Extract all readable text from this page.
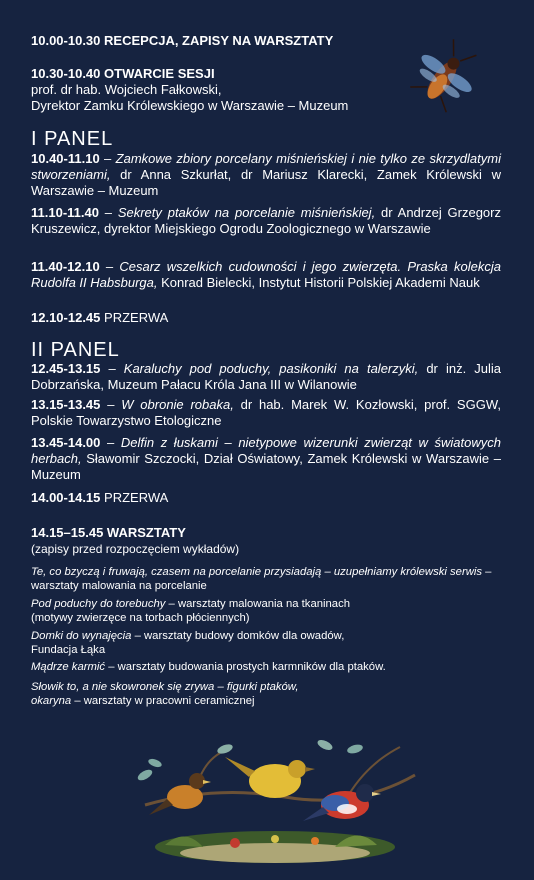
10.00-10.30 RECEPCJA, ZAPISY NA WARSZTATY
10.30-10.40 OTWARCIE SESJI
prof. dr hab. Wojciech Fałkowski,
Dyrektor Zamku Królewskiego w Warszawie – Muzeum
I PANEL
10.40-11.10 – Zamkowe zbiory porcelany miśnieńskiej i nie tylko ze skrzydlatymi stworzeniami, dr Anna Szkurłat, dr Mariusz Klarecki, Zamek Królewski w Warszawie – Muzeum
11.10-11.40 – Sekrety ptaków na porcelanie miśnieńskiej, dr Andrzej Grzegorz Kruszewicz, dyrektor Miejskiego Ogrodu Zoologicznego w Warszawie
11.40-12.10 – Cesarz wszelkich cudowności i jego zwierzęta. Praska kolekcja Rudolfa II Habsburga, Konrad Bielecki, Instytut Historii Polskiej Akademi Nauk
12.10-12.45 PRZERWA
II PANEL
12.45-13.15 – Karaluchy pod poduchy, pasikoniki na talerzyki, dr inż. Julia Dobrzańska, Muzeum Pałacu Króla Jana III w Wilanowie
13.15-13.45 – W obronie robaka, dr hab. Marek W. Kozłowski, prof. SGGW, Polskie Towarzystwo Etologiczne
13.45-14.00 – Delfin z łuskami – nietypowe wizerunki zwierząt w światowych herbach, Sławomir Szczocki, Dział Oświatowy, Zamek Królewski w Warszawie – Muzeum
14.00-14.15 PRZERWA
14.15–15.45 WARSZTATY
(zapisy przed rozpoczęciem wykładów)
Te, co bzyczą i fruwają, czasem na porcelanie przysiadają – uzupełniamy królewski serwis – warsztaty malowania na porcelanie
Pod poduchy do torebuchy – warsztaty malowania na tkaninach
(motywy zwierzęce na torbach płóciennych)
Domki do wynajęcia – warsztaty budowy domków dla owadów,
Fundacja Łąka
Mądrze karmić – warsztaty budowania prostych karmników dla ptaków.
Słowik to, a nie skowronek się zrywa – figurki ptaków,
okaryna – warsztaty w pracowni ceramicznej
